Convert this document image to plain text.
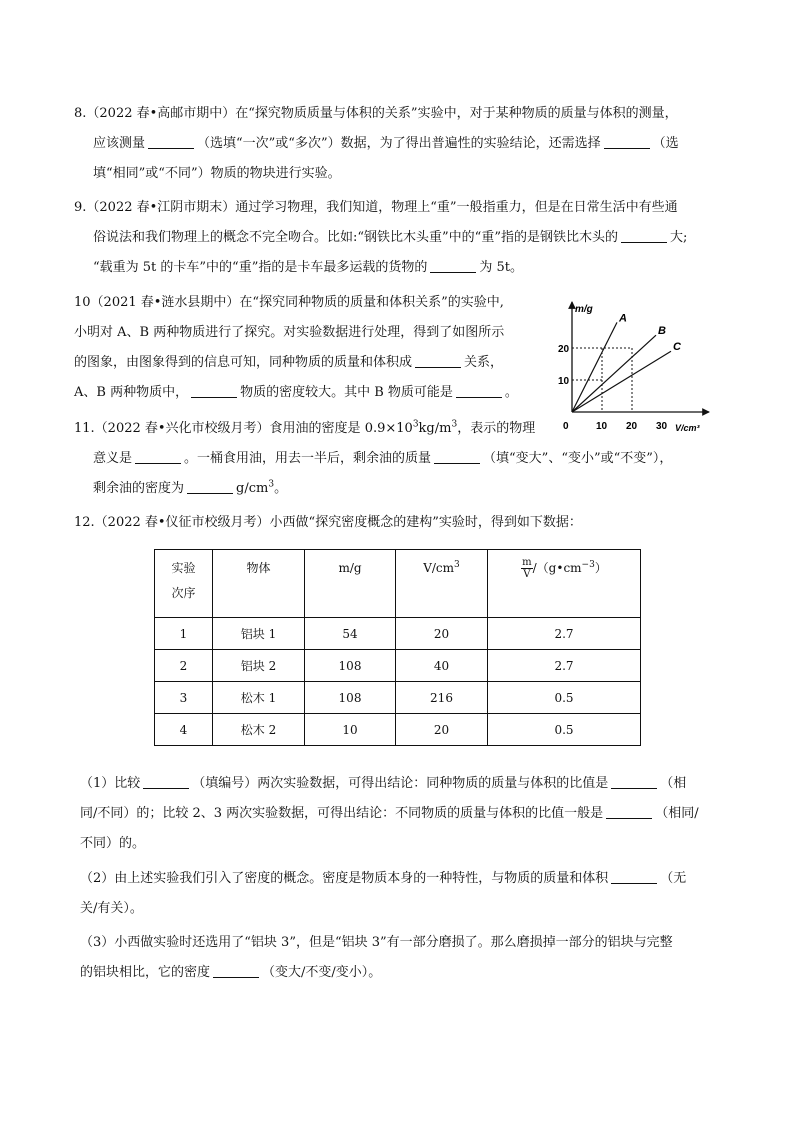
8.（2022 春•高邮市期中）在“探究物质质量与体积的关系”实验中，对于某种物质的质量与体积的测量，
应该测量	（选填“一次”或“多次”）数据，为了得出普遍性的实验结论，还需选择	（选
填“相同”或“不同”）物质的物块进行实验。
9.（2022 春•江阴市期末）通过学习物理，我们知道，物理上“重”一般指重力，但是在日常生活中有些通
俗说法和我们物理上的概念不完全吻合。比如:“钢铁比木头重”中的“重”指的是钢铁比木头的	大;
“载重为 5t 的卡车”中的“重”指的是卡车最多运载的货物的	为 5t。
10（2021 春•涟水县期中）在“探究同种物质的质量和体积关系”的实验中,
小明对 A、B 两种物质进行了探究。对实验数据进行处理，得到了如图所示
的图象，由图象得到的信息可知，同种物质的质量和体积成	关系，
A、B 两种物质中，	物质的密度较大。其中 B 物质可能是	。
A
B
C
10 20 30
10
20
m/g
V/cm³
0
11.（2022 春•兴化市校级月考）食用油的密度是 $0.9\times 10^3kg/m^3$，表示的物理
意义是	。一桶食用油，用去一半后，剩余油的质量	（填“变大”、“变小”或“不变”），
剩余油的密度为	$g/cm^3$。
12.（2022 春•仪征市校级月考）小西做“探究密度概念的建构”实验时，得到如下数据：
实验
次序	物体	m/g	$V/cm^3$	$\frac{m}{V}$ $/(g•cm^{-3})$
1	铝块 1	54	20	2.7
2	铝块 2	108	40	2.7
3	松木 1	108	216	0.5
4	松木 2	10	20	0.5
（1）比较	（填编号）两次实验数据，可得出结论：同种物质的质量与体积的比值是	（相
同/不同）的；比较 2、3 两次实验数据，可得出结论：不同物质的质量与体积的比值一般是	（相同/
不同）的。
（2）由上述实验我们引入了密度的概念。密度是物质本身的一种特性，与物质的质量和体积	（无
关/有关）。
（3）小西做实验时还选用了“铝块 3”，但是“铝块 3”有一部分磨损了。那么磨损掉一部分的铝块与完整
的铝块相比，它的密度	（变大/不变/变小）。
